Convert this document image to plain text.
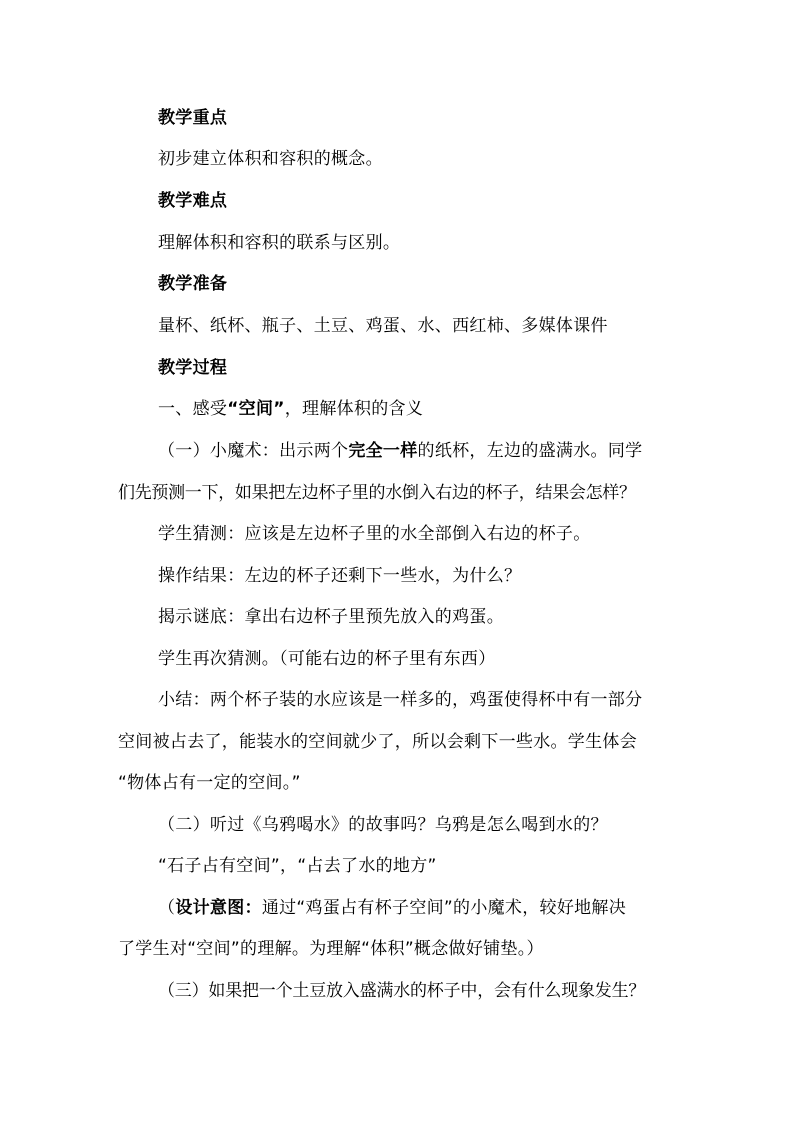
教学重点
初步建立体积和容积的概念。
教学难点
理解体积和容积的联系与区别。
教学准备
量杯、纸杯、瓶子、土豆、鸡蛋、水、西红柿、多媒体课件
教学过程
一、感受“空间”，理解体积的含义
（一）小魔术：出示两个完全一样的纸杯，左边的盛满水。同学
们先预测一下，如果把左边杯子里的水倒入右边的杯子，结果会怎样？
学生猜测：应该是左边杯子里的水全部倒入右边的杯子。
操作结果：左边的杯子还剩下一些水，为什么？
揭示谜底：拿出右边杯子里预先放入的鸡蛋。
学生再次猜测。（可能右边的杯子里有东西）
小结：两个杯子装的水应该是一样多的，鸡蛋使得杯中有一部分
空间被占去了，能装水的空间就少了，所以会剩下一些水。学生体会
“物体占有一定的空间。”
（二）听过《乌鸦喝水》的故事吗？乌鸦是怎么喝到水的？
“石子占有空间”，“占去了水的地方”
（设计意图：通过“鸡蛋占有杯子空间”的小魔术，较好地解决
了学生对“空间”的理解。为理解“体积”概念做好铺垫。）
（三）如果把一个土豆放入盛满水的杯子中，会有什么现象发生？
